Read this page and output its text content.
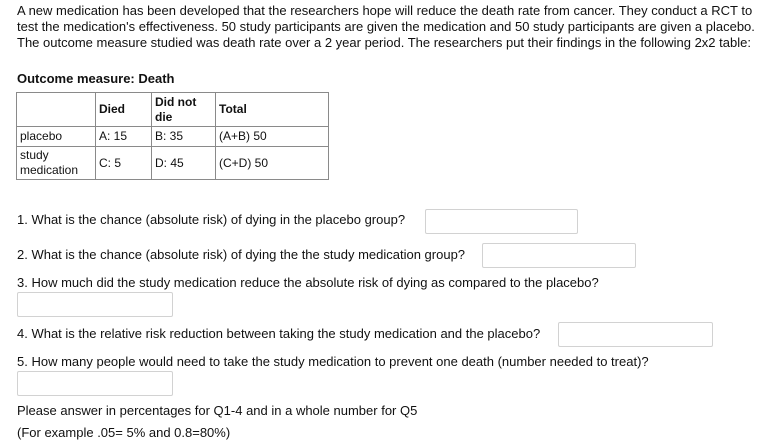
A new medication has been developed that the researchers hope will reduce the death rate from cancer. They conduct a RCT to test the medication's effectiveness. 50 study participants are given the medication and 50 study participants are given a placebo. The outcome measure studied was death rate over a 2 year period. The researchers put their findings in the following 2x2 table:

Outcome measure: Death
	Died	Did not die	Total
placebo	A: 15	B: 35	(A+B) 50
study medication	C: 5	D: 45	(C+D) 50
1. What is the chance (absolute risk) of dying in the placebo group?
2. What is the chance (absolute risk) of dying the the study medication group?
3. How much did the study medication reduce the absolute risk of dying as compared to the placebo?
4. What is the relative risk reduction between taking the study medication and the placebo?
5. How many people would need to take the study medication to prevent one death (number needed to treat)?
Please answer in percentages for Q1-4 and in a whole number for Q5
(For example .05= 5% and 0.8=80%)
